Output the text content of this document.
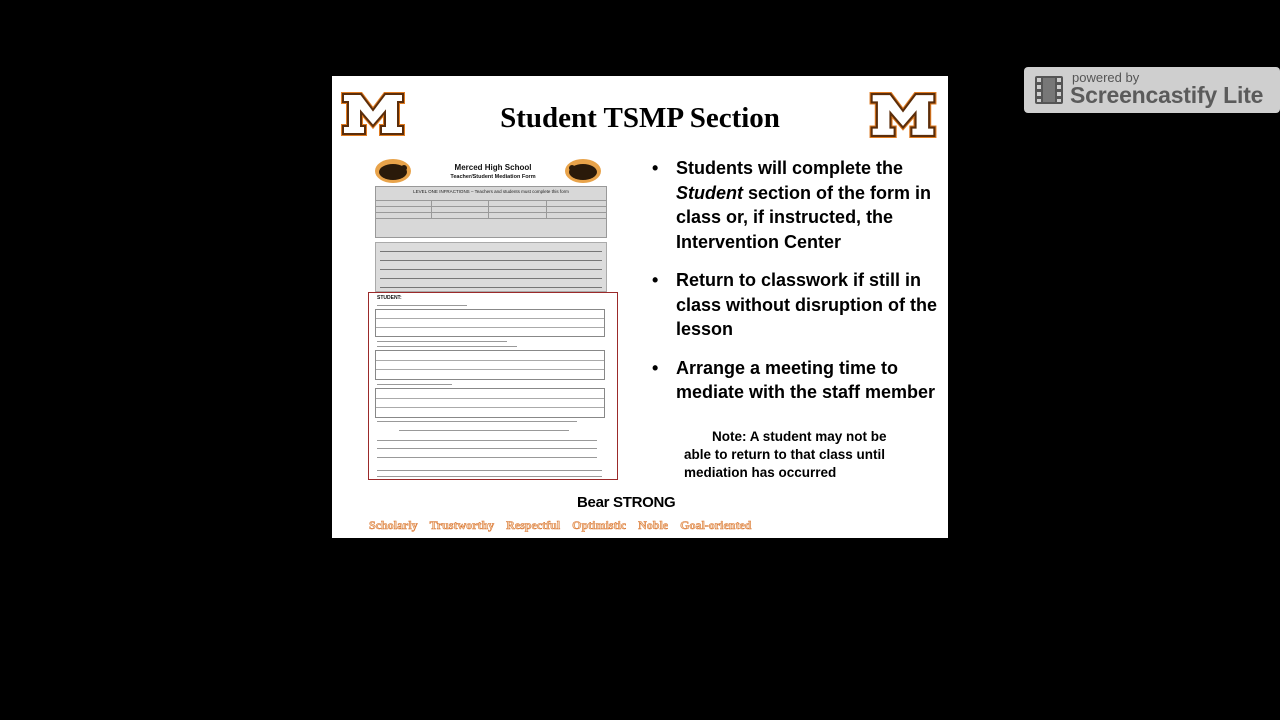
Student TSMP Section
Merced High School
Teacher/Student Mediation Form
LEVEL ONE INFRACTIONS – Teachers and students must complete this form
STUDENT:
• Students will complete the Student section of the form in class or, if instructed, the Intervention Center
• Return to classwork if still in class without disruption of the lesson
• Arrange a meeting time to mediate with the staff member
Note: A student may not be able to return to that class until mediation has occurred
Bear STRONG
Scholarly Trustworthy Respectful Optimistic Noble Goal-oriented
powered by
Screencastify Lite
